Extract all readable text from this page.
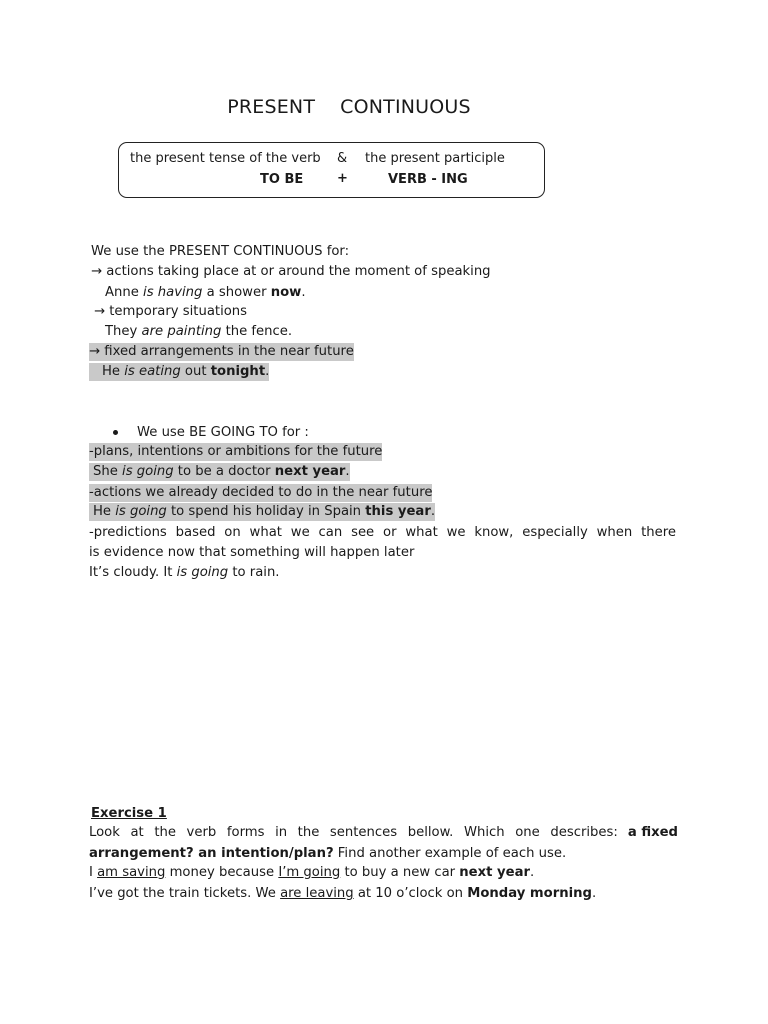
PRESENT    CONTINUOUS
the present tense of the verb & the present participle
TO BE	+	VERB - ING
We use the PRESENT CONTINUOUS for:
→ actions taking place at or around the moment of speaking
Anne is having a shower now.
→ temporary situations
They are painting the fence.
→ fixed arrangements in the near future
He is eating out tonight.
We use BE GOING TO for :
-plans, intentions or ambitions for the future
She is going to be a doctor next year.
-actions we already decided to do in the near future
He is going to spend his holiday in Spain this year.
-predictions based on what we can see or what we know, especially when there
is evidence now that something will happen later
It’s cloudy. It is going to rain.
Exercise 1
Look at the verb forms in the sentences bellow. Which one describes: a fixed
arrangement? an intention/plan? Find another example of each use.
I am saving money because I’m going to buy a new car next year.
I’ve got the train tickets. We are leaving at 10 o’clock on Monday morning.
